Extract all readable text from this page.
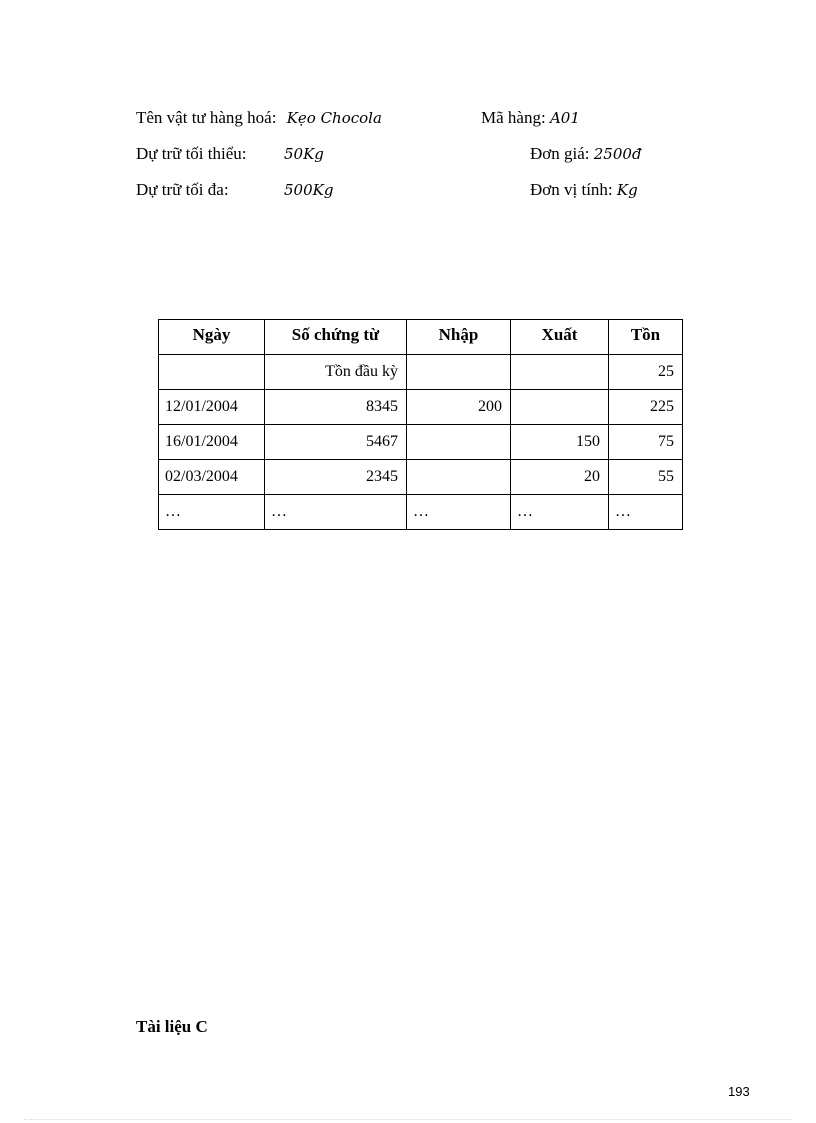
Tên vật tư hàng hoá: Kẹo Chocola	Mã hàng: A01
Dự trữ tối thiểu:	50Kg	Đơn giá: 2500đ
Dự trữ tối đa:	500Kg	Đơn vị tính: Kg
Ngày	Số chứng từ	Nhập	Xuất	Tồn
	Tồn đầu kỳ			25
12/01/2004	8345	200		225
16/01/2004	5467		150	75
02/03/2004	2345		20	55
…	…	…	…	…
Tài liệu C
193
